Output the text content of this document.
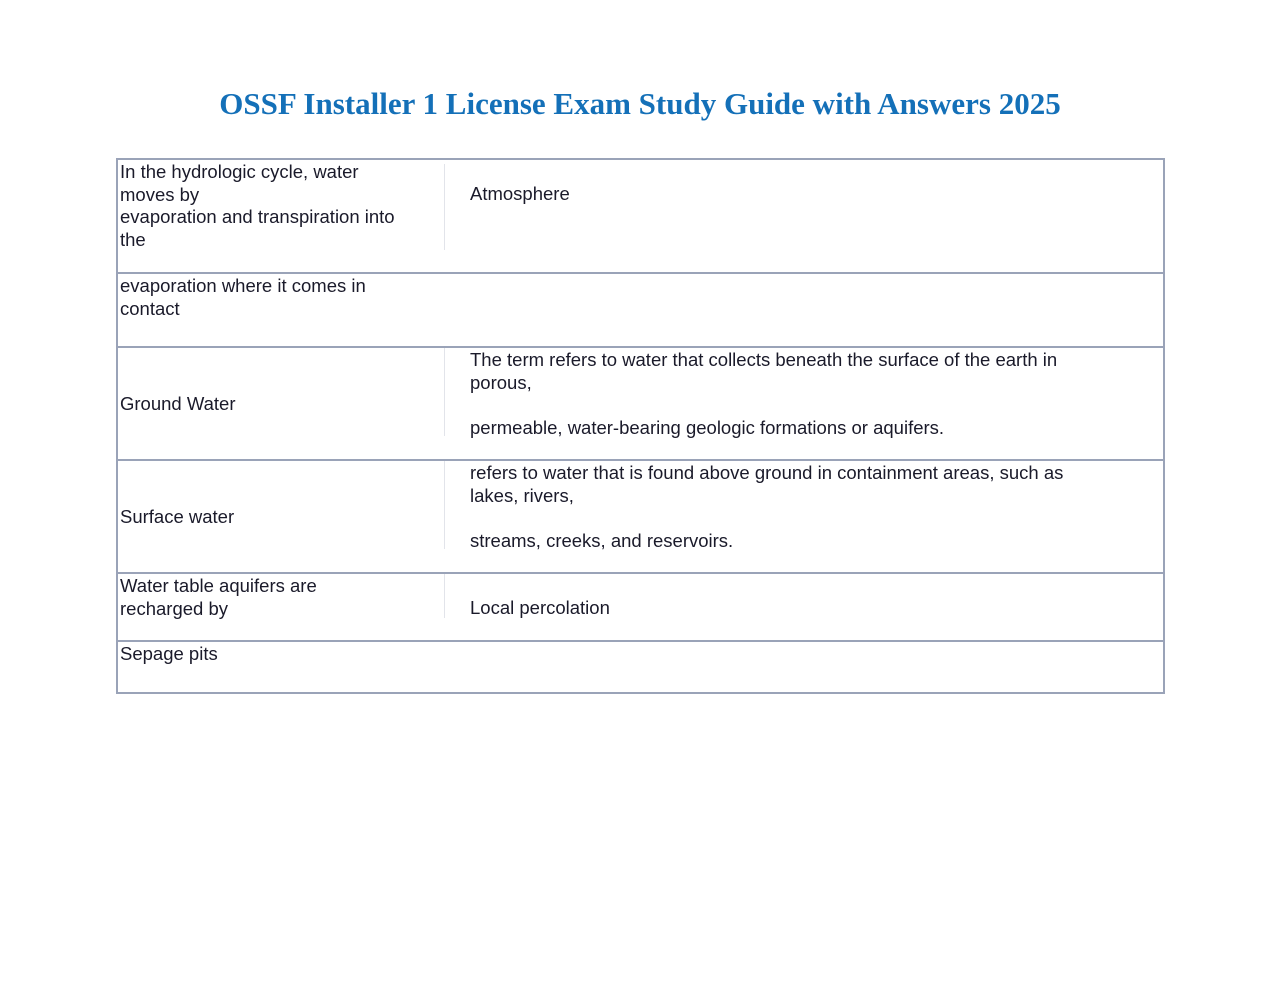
OSSF Installer 1 License Exam Study Guide with Answers 2025
In the hydrologic cycle, water
moves by
evaporation and transpiration into
the
Atmosphere
evaporation where it comes in
contact
Ground Water
The term refers to water that collects beneath the surface of the earth in
porous,
permeable, water-bearing geologic formations or aquifers.
Surface water
refers to water that is found above ground in containment areas, such as
lakes, rivers,
streams, creeks, and reservoirs.
Water table aquifers are
recharged by	Local percolation
Sepage pits
